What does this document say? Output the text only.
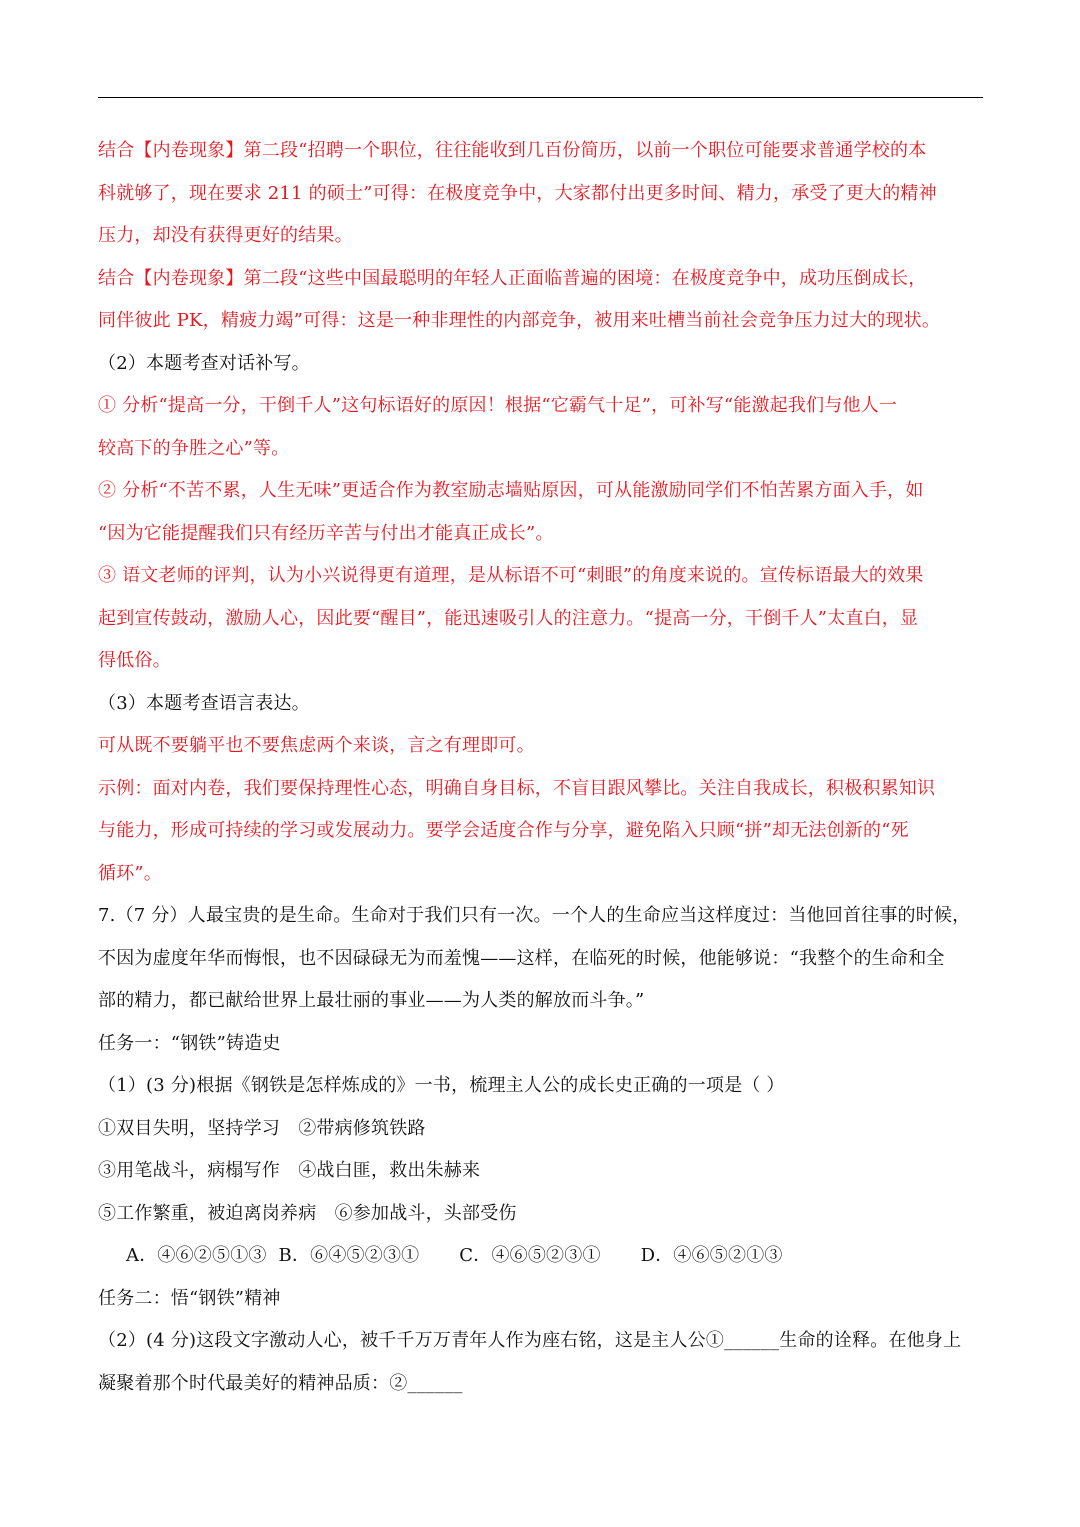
结合【内卷现象】第二段“招聘一个职位，往往能收到几百份简历，以前一个职位可能要求普通学校的本
科就够了，现在要求 211 的硕士”可得：在极度竞争中，大家都付出更多时间、精力，承受了更大的精神
压力，却没有获得更好的结果。
结合【内卷现象】第二段“这些中国最聪明的年轻人正面临普遍的困境：在极度竞争中，成功压倒成长，
同伴彼此 PK，精疲力竭”可得：这是一种非理性的内部竞争，被用来吐槽当前社会竞争压力过大的现状。
（2）本题考查对话补写。
① 分析“提高一分，干倒千人”这句标语好的原因！根据“它霸气十足”，可补写“能激起我们与他人一
较高下的争胜之心”等。
② 分析“不苦不累，人生无味”更适合作为教室励志墙贴原因，可从能激励同学们不怕苦累方面入手，如
“因为它能提醒我们只有经历辛苦与付出才能真正成长”。
③ 语文老师的评判，认为小兴说得更有道理，是从标语不可“刺眼”的角度来说的。宣传标语最大的效果
起到宣传鼓动，激励人心，因此要“醒目”，能迅速吸引人的注意力。“提高一分，干倒千人”太直白，显
得低俗。
（3）本题考查语言表达。
可从既不要躺平也不要焦虑两个来谈，言之有理即可。
示例：面对内卷，我们要保持理性心态，明确自身目标，不盲目跟风攀比。关注自我成长，积极积累知识
与能力，形成可持续的学习或发展动力。要学会适度合作与分享，避免陷入只顾“拼”却无法创新的“死
循环”。
7.（7 分）人最宝贵的是生命。生命对于我们只有一次。一个人的生命应当这样度过：当他回首往事的时候，
不因为虚度年华而悔恨，也不因碌碌无为而羞愧——这样，在临死的时候，他能够说：“我整个的生命和全
部的精力，都已献给世界上最壮丽的事业——为人类的解放而斗争。”
任务一：“钢铁”铸造史
（1）(3 分)根据《钢铁是怎样炼成的》一书，梳理主人公的成长史正确的一项是（ ）
①双目失明，坚持学习　②带病修筑铁路
③用笔战斗，病榻写作　④战白匪，救出朱赫来
⑤工作繁重，被迫离岗养病　⑥参加战斗，头部受伤
A．④⑥②⑤①③ B．⑥④⑤②③① C．④⑥⑤②③① D．④⑥⑤②①③
任务二：悟“钢铁”精神
（2）(4 分)这段文字激动人心，被千千万万青年人作为座右铭，这是主人公①______生命的诠释。在他身上
凝聚着那个时代最美好的精神品质：②______
